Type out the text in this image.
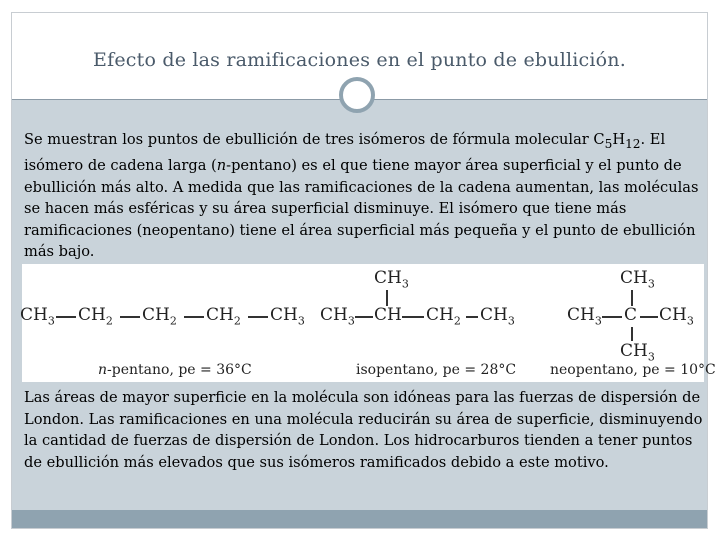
Efecto de las ramificaciones en el punto de ebullición.
Se muestran los puntos de ebullición de tres isómeros de fórmula molecular $C_5H_{12}$. El isómero de cadena larga (n-pentano) es el que tiene mayor área superficial y el punto de ebullición más alto. A medida que las ramificaciones de la cadena aumentan, las moléculas se hacen más esféricas y su área superficial disminuye. El isómero que tiene más ramificaciones (neopentano) tiene el área superficial más pequeña y el punto de ebullición más bajo.
$CH_3$ $CH_2$ $CH_2$ $CH_2$ $CH_3$
n-pentano, pe = 36°C
$CH_3$
$CH_3$ CH $CH_2$ $CH_3$
isopentano, pe = 28°C
$CH_3$
$CH_3$ C $CH_3$
$CH_3$
neopentano, pe = 10°C
Las áreas de mayor superficie en la molécula son idóneas para las fuerzas de dispersión de London. Las ramificaciones en una molécula reducirán su área de superficie, disminuyendo la cantidad de fuerzas de dispersión de London. Los hidrocarburos tienden a tener puntos de ebullición más elevados que sus isómeros ramificados debido a este motivo.
